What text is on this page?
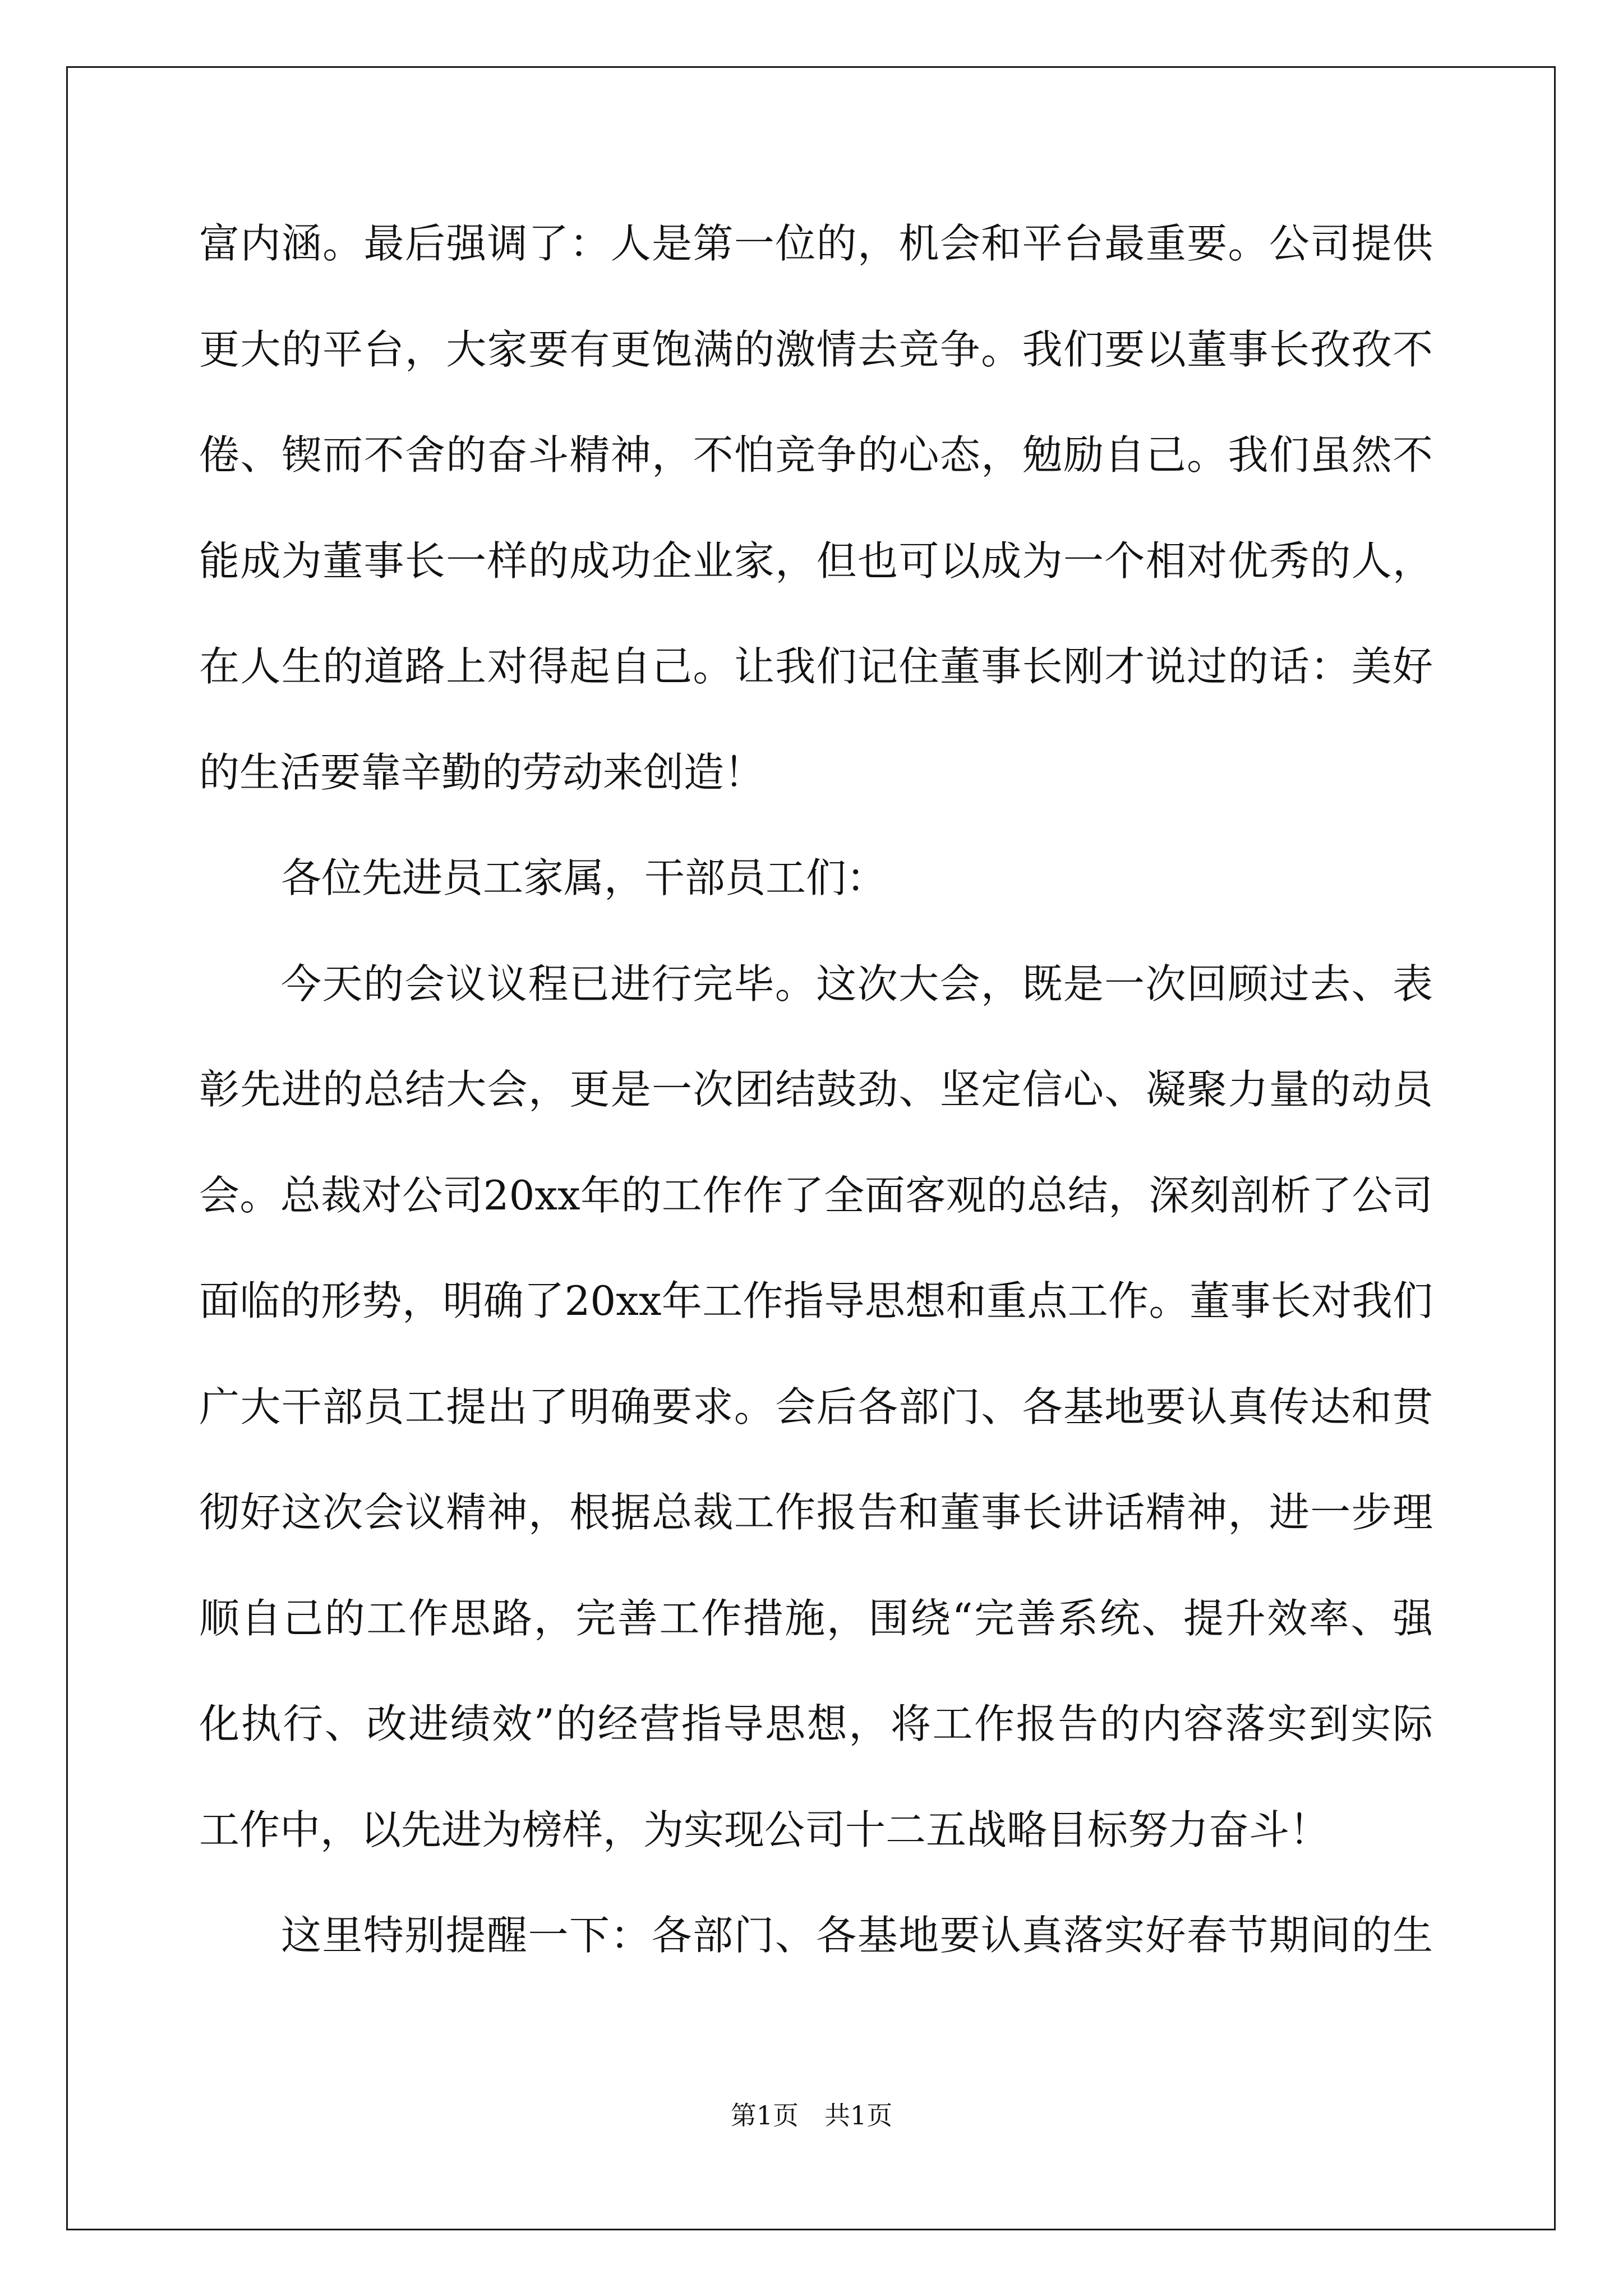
富内涵。最后强调了：人是第一位的，机会和平台最重要。公司提供
更大的平台，大家要有更饱满的激情去竞争。我们要以董事长孜孜不
倦、锲而不舍的奋斗精神，不怕竞争的心态，勉励自己。我们虽然不
能成为董事长一样的成功企业家，但也可以成为一个相对优秀的人，
在人生的道路上对得起自己。让我们记住董事长刚才说过的话：美好
的生活要靠辛勤的劳动来创造！
各位先进员工家属，干部员工们：
今天的会议议程已进行完毕。这次大会，既是一次回顾过去、表
彰先进的总结大会，更是一次团结鼓劲、坚定信心、凝聚力量的动员
会。总裁对公司20xx年的工作作了全面客观的总结，深刻剖析了公司
面临的形势，明确了20xx年工作指导思想和重点工作。董事长对我们
广大干部员工提出了明确要求。会后各部门、各基地要认真传达和贯
彻好这次会议精神，根据总裁工作报告和董事长讲话精神，进一步理
顺自己的工作思路，完善工作措施，围绕“完善系统、提升效率、强
化执行、改进绩效”的经营指导思想，将工作报告的内容落实到实际
工作中，以先进为榜样，为实现公司十二五战略目标努力奋斗！
这里特别提醒一下：各部门、各基地要认真落实好春节期间的生
第1页　共1页
